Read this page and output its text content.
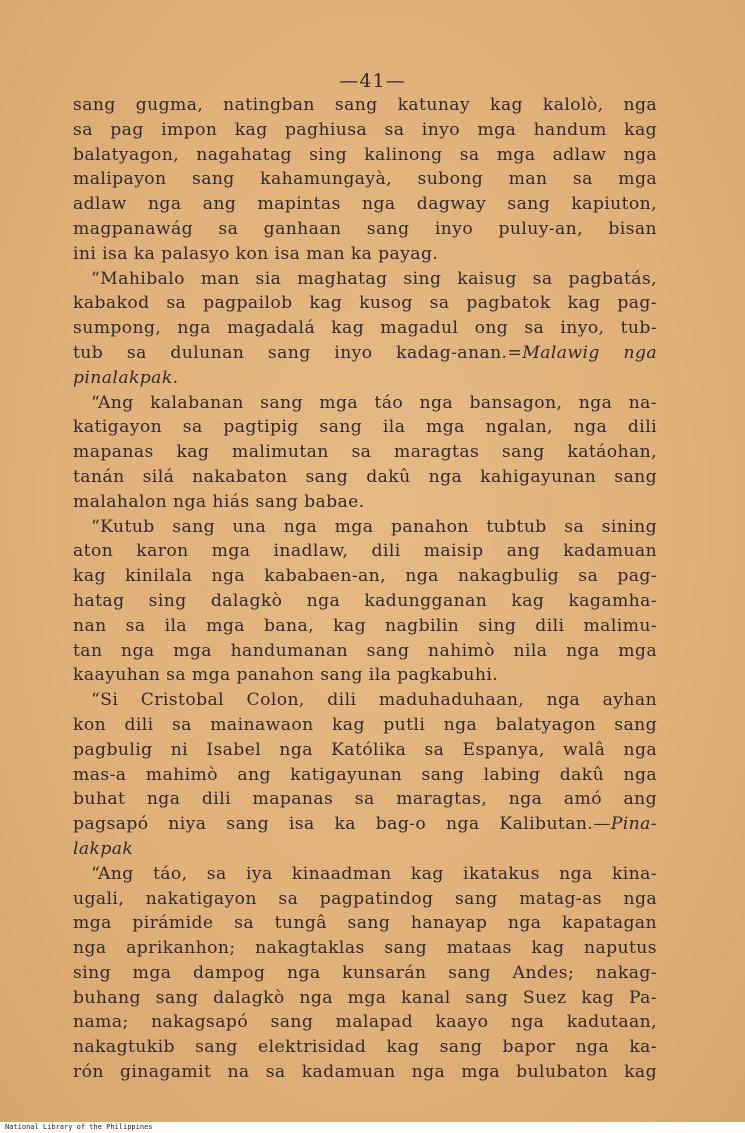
—41—
sang gugma, natingban sang katunay kag kalolò, nga
sa pag impon kag paghiusa sa inyo mga handum kag
balatyagon, nagahatag sing kalinong sa mga adlaw nga
malipayon sang kahamungayà, subong man sa mga
adlaw nga ang mapintas nga dagway sang kapiuton,
magpanawág sa ganhaan sang inyo puluy-an, bisan
ini isa ka palasyo kon isa man ka payag.
“Mahibalo man sia maghatag sing kaisug sa pagbatás,
kabakod sa pagpailob kag kusog sa pagbatok kag pag-
sumpong, nga magadalá kag magadul ong sa inyo, tub-
tub sa dulunan sang inyo kadag-anan.=Malawig nga
pinalakpak.
“Ang kalabanan sang mga táo nga bansagon, nga na-
katigayon sa pagtipig sang ila mga ngalan, nga dili
mapanas kag malimutan sa maragtas sang katáohan,
tanán silá nakabaton sang dakû nga kahigayunan sang
malahalon nga hiás sang babae.
“Kutub sang una nga mga panahon tubtub sa sining
aton karon mga inadlaw, dili maisip ang kadamuan
kag kinilala nga kababaen-an, nga nakagbulig sa pag-
hatag sing dalagkò nga kadungganan kag kagamha-
nan sa ila mga bana, kag nagbilin sing dili malimu-
tan nga mga handumanan sang nahimò nila nga mga
kaayuhan sa mga panahon sang ila pagkabuhi.
“Si Cristobal Colon, dili maduhaduhaan, nga ayhan
kon dili sa mainawaon kag putli nga balatyagon sang
pagbulig ni Isabel nga Katólika sa Espanya, walâ nga
mas-a mahimò ang katigayunan sang labing dakû nga
buhat nga dili mapanas sa maragtas, nga amó ang
pagsapó niya sang isa ka bag-o nga Kalibutan.—Pina-
lakpak
“Ang táo, sa iya kinaadman kag ikatakus nga kina-
ugali, nakatigayon sa pagpatindog sang matag-as nga
mga pirámide sa tungâ sang hanayap nga kapatagan
nga aprikanhon; nakagtaklas sang mataas kag naputus
sing mga dampog nga kunsarán sang Andes; nakag-
buhang sang dalagkò nga mga kanal sang Suez kag Pa-
nama; nakagsapó sang malapad kaayo nga kadutaan,
nakagtukib sang elektrisidad kag sang bapor nga ka-
rón ginagamit na sa kadamuan nga mga bulubaton kag
National Library of the Philippines
